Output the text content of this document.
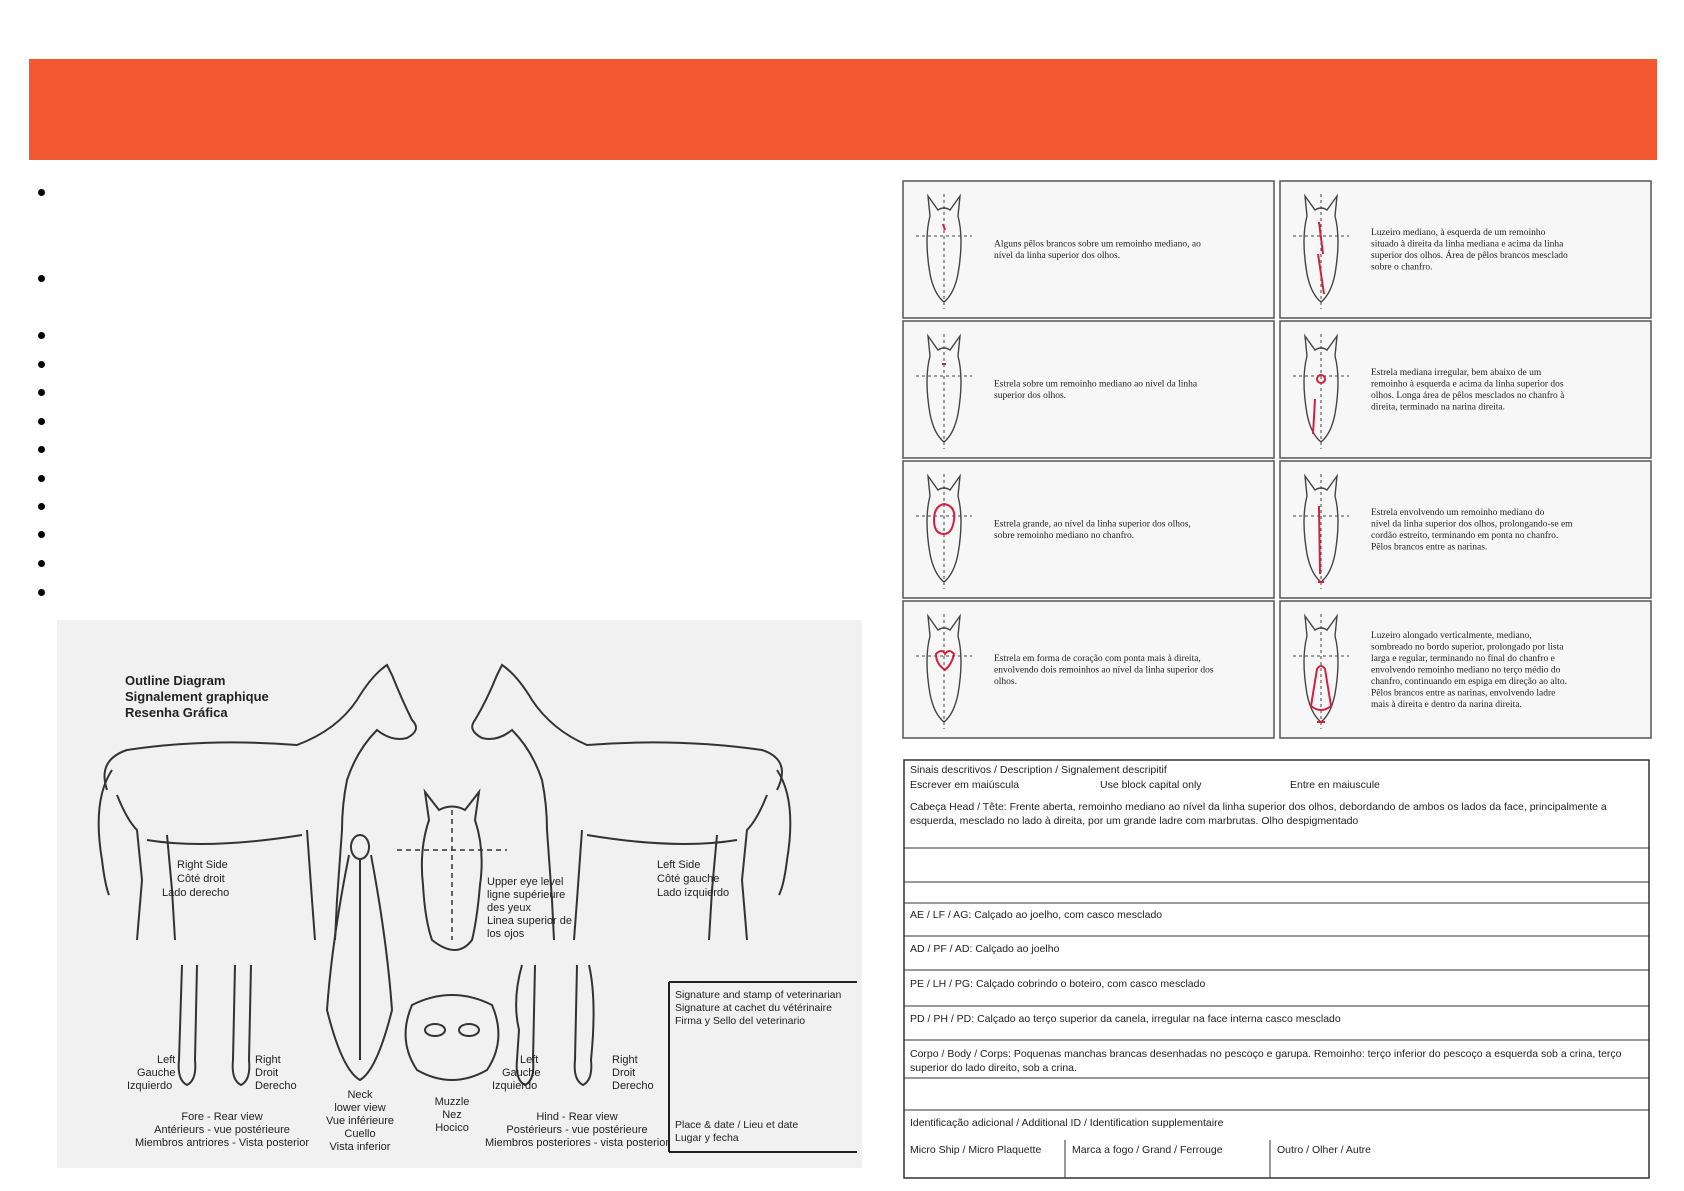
Outline Diagram
Signalement graphique
Resenha Gráfica
Right Side
Côté droit
Lado derecho
Left Side
Côté gauche
Lado izquierdo
Upper eye level
ligne supérieure
des yeux
Linea superior de
los ojos
Neck
lower view
Vue inférieure
Cuello
Vista inferior
Muzzle
Nez
Hocico
Left
Gauche
Izquierdo
Right
Droit
Derecho
Fore - Rear view
Antérieurs - vue postérieure
Miembros antriores - Vista posterior
Left
Gauche
Izquierdo
Right
Droit
Derecho
Hind - Rear view
Postérieurs - vue postérieure
Miembros posteriores - vista posterior
Signature and stamp of veterinarian
Signature at cachet du vétérinaire
Firma y Sello del veterinario
Place & date / Lieu et date
Lugar y fecha
Alguns pêlos brancos sobre um remoinho mediano, ao
nível da linha superior dos olhos.
Luzeiro mediano, à esquerda de um remoinho
situado à direita da linha mediana e acima da linha
superior dos olhos. Área de pêlos brancos mesclado
sobre o chanfro.
Estrela sobre um remoinho mediano ao nível da linha
superior dos olhos.
Estrela mediana irregular, bem abaixo de um
remoinho à esquerda e acima da linha superior dos
olhos. Longa área de pêlos mesclados no chanfro à
direita, terminado na narina direita.
Estrela grande, ao nível da linha superior dos olhos,
sobre remoinho mediano no chanfro.
Estrela envolvendo um remoinho mediano do
nível da linha superior dos olhos, prolongando-se em
cordão estreito, terminando em ponta no chanfro.
Pêlos brancos entre as narinas.
Estrela em forma de coração com ponta mais à direita,
envolvendo dois remoinhos ao nível da linha superior dos
olhos.
Luzeiro alongado verticalmente, mediano,
sombreado no bordo superior, prolongado por lista
larga e regular, terminando no final do chanfro e
envolvendo remoinho mediano no terço médio do
chanfro, continuando em espiga em direção ao alto.
Pêlos brancos entre as narinas, envolvendo ladre
mais à direita e dentro da narina direita.
Sinais descritivos / Description / Signalement descripitif
Escrever em maiúscula	Use block capital only	Entre en maiuscule
Cabeça Head / Tête: Frente aberta, remoinho mediano ao nível da linha superior dos olhos, debordando de ambos os lados da face, principalmente a
esquerda, mesclado no lado à direita, por um grande ladre com marbrutas. Olho despigmentado
AE / LF / AG: Calçado ao joelho, com casco mesclado
AD / PF / AD: Calçado ao joelho
PE / LH / PG: Calçado cobrindo o boteiro, com casco mesclado
PD / PH / PD: Calçado ao terço superior da canela, irregular na face interna casco mesclado
Corpo / Body / Corps: Poquenas manchas brancas desenhadas no pescoço e garupa. Remoinho: terço inferior do pescoço a esquerda sob a crina, terço
superior do lado direito, sob a crina.
Identificação adicional / Additional ID / Identification supplementaire
Micro Ship / Micro Plaquette	Marca a fogo / Grand / Ferrouge	Outro / Olher / Autre
